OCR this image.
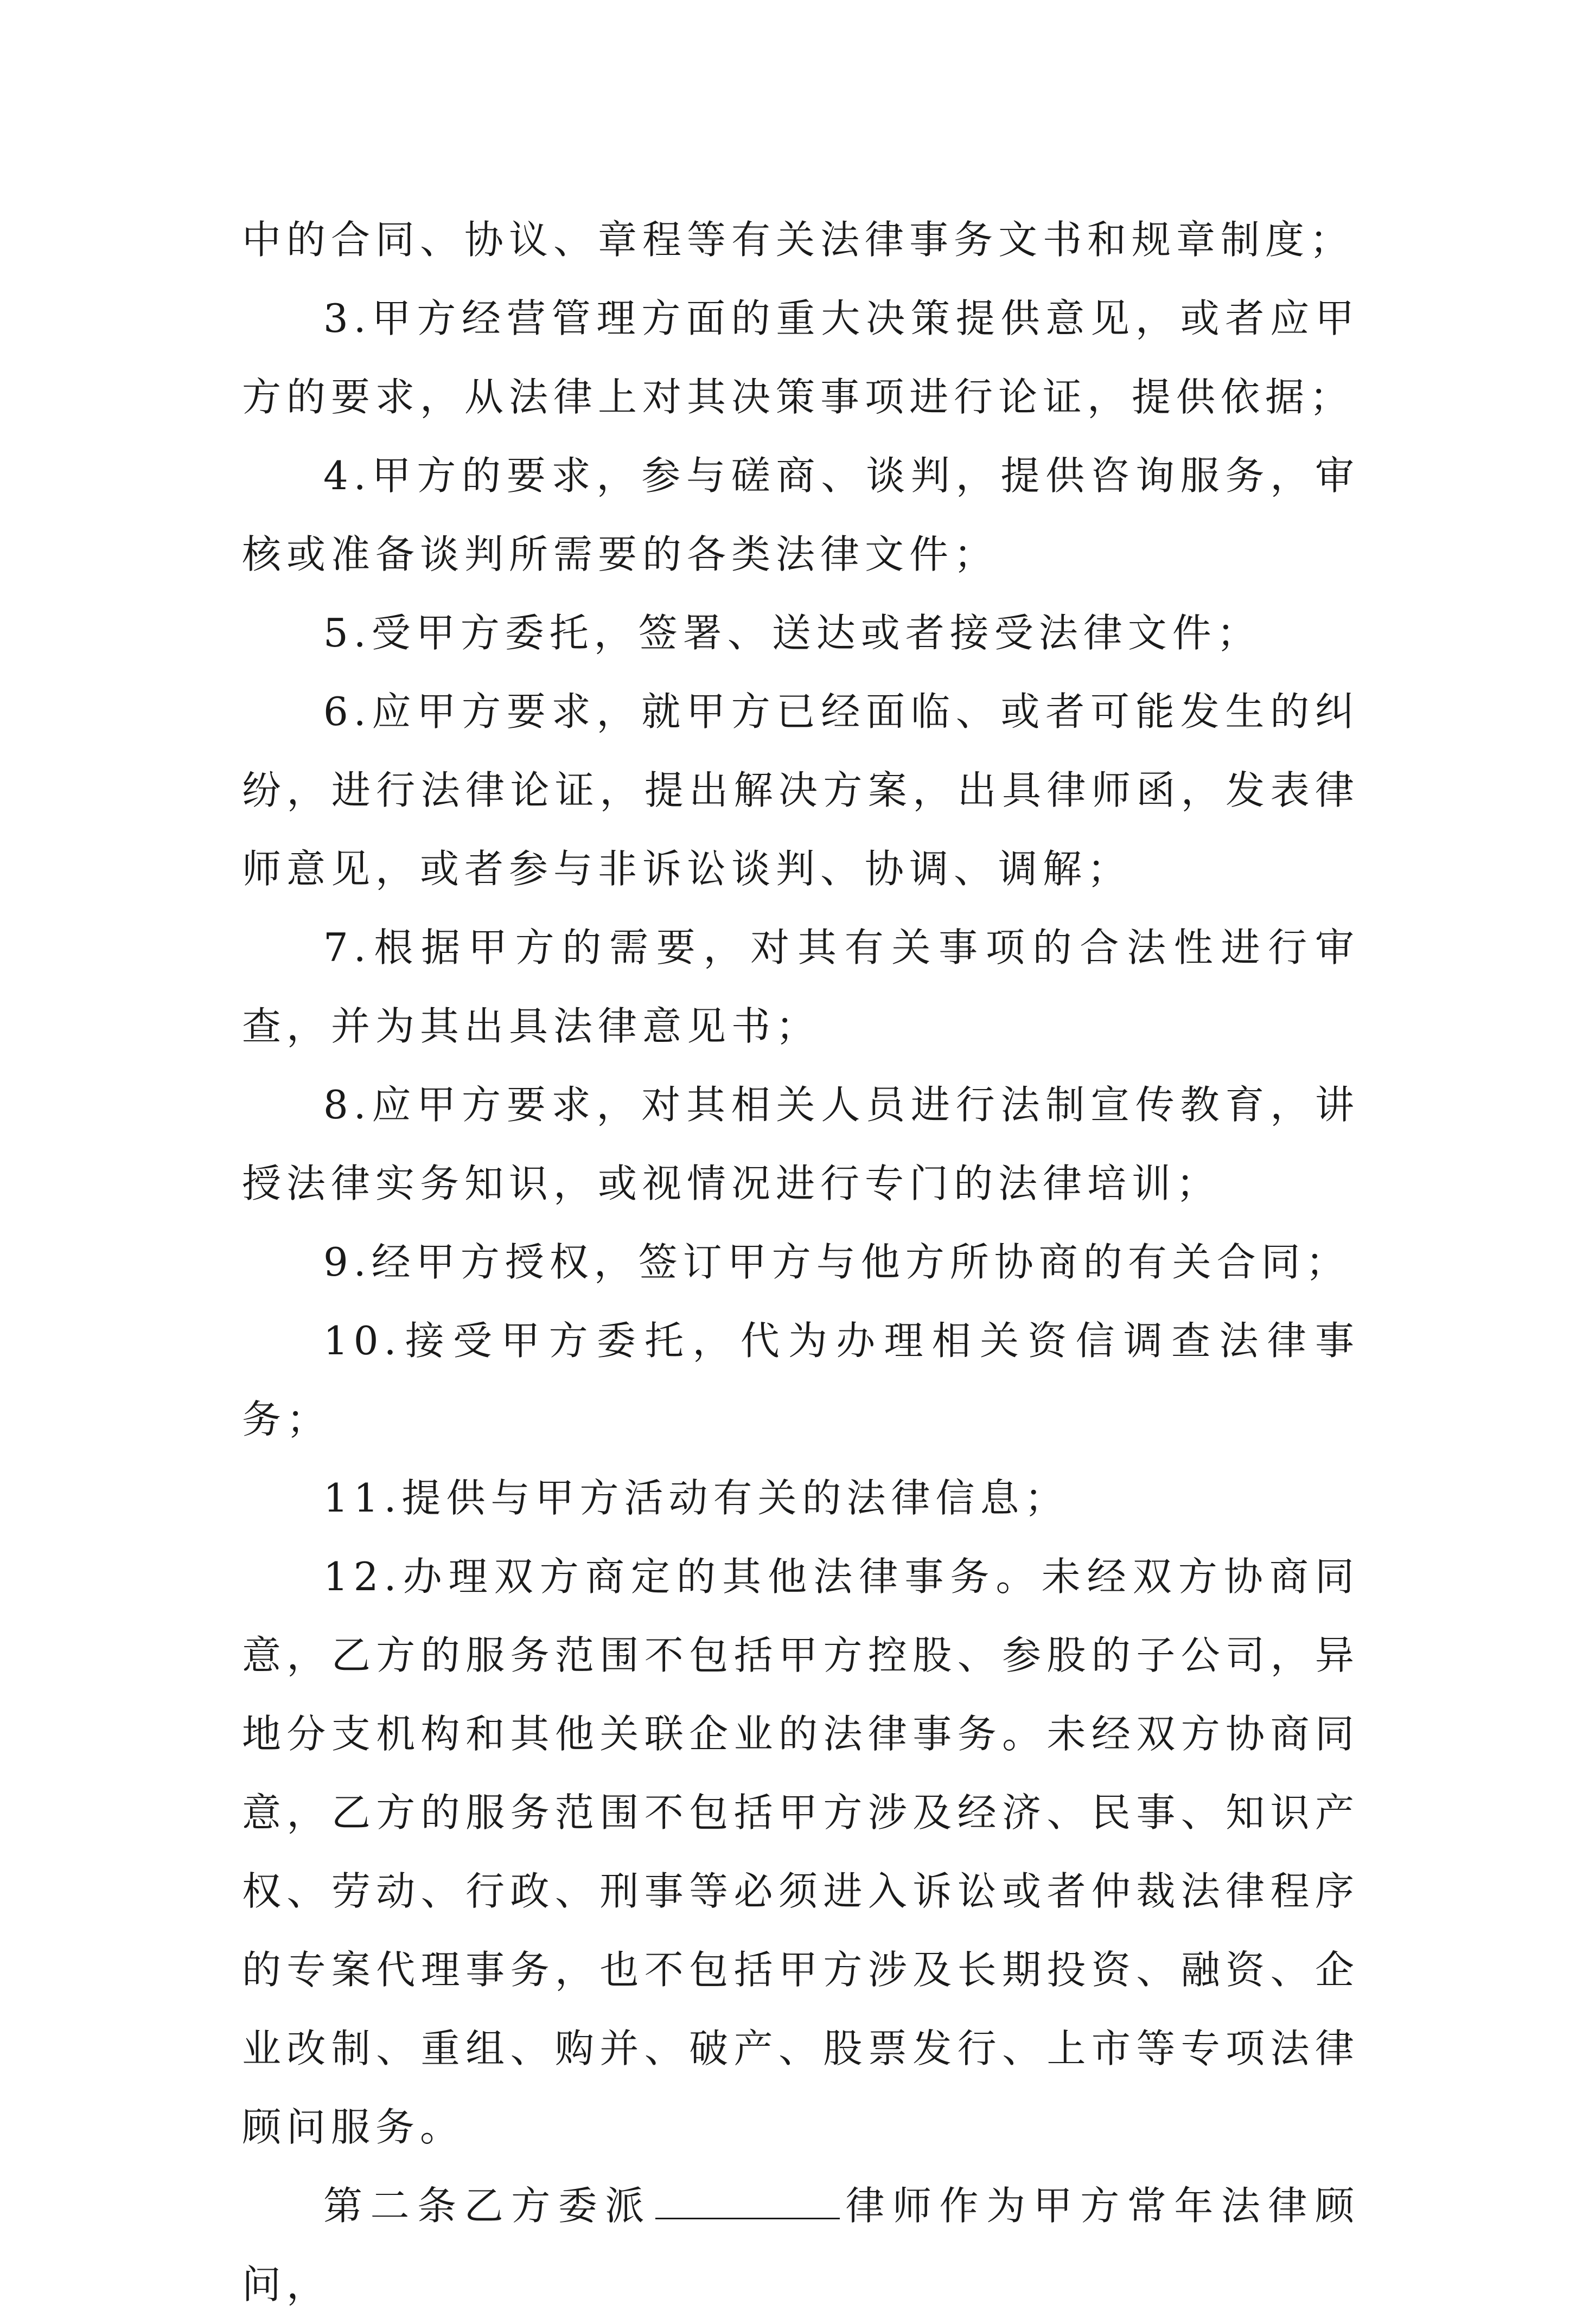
中的合同、协议、章程等有关法律事务文书和规章制度；

3.甲方经营管理方面的重大决策提供意见，或者应甲方的要求，从法律上对其决策事项进行论证，提供依据；

4.甲方的要求，参与磋商、谈判，提供咨询服务，审核或准备谈判所需要的各类法律文件；

5.受甲方委托，签署、送达或者接受法律文件；

6.应甲方要求，就甲方已经面临、或者可能发生的纠纷，进行法律论证，提出解决方案，出具律师函，发表律师意见，或者参与非诉讼谈判、协调、调解；

7.根据甲方的需要，对其有关事项的合法性进行审查，并为其出具法律意见书；

8.应甲方要求，对其相关人员进行法制宣传教育，讲授法律实务知识，或视情况进行专门的法律培训；

9.经甲方授权，签订甲方与他方所协商的有关合同；

10.接受甲方委托，代为办理相关资信调查法律事务；

11.提供与甲方活动有关的法律信息；

12.办理双方商定的其他法律事务。未经双方协商同意，乙方的服务范围不包括甲方控股、参股的子公司，异地分支机构和其他关联企业的法律事务。未经双方协商同意，乙方的服务范围不包括甲方涉及经济、民事、知识产权、劳动、行政、刑事等必须进入诉讼或者仲裁法律程序的专案代理事务，也不包括甲方涉及长期投资、融资、企业改制、重组、购并、破产、股票发行、上市等专项法律顾问服务。

第二条乙方委派	律师作为甲方常年法律顾问，
